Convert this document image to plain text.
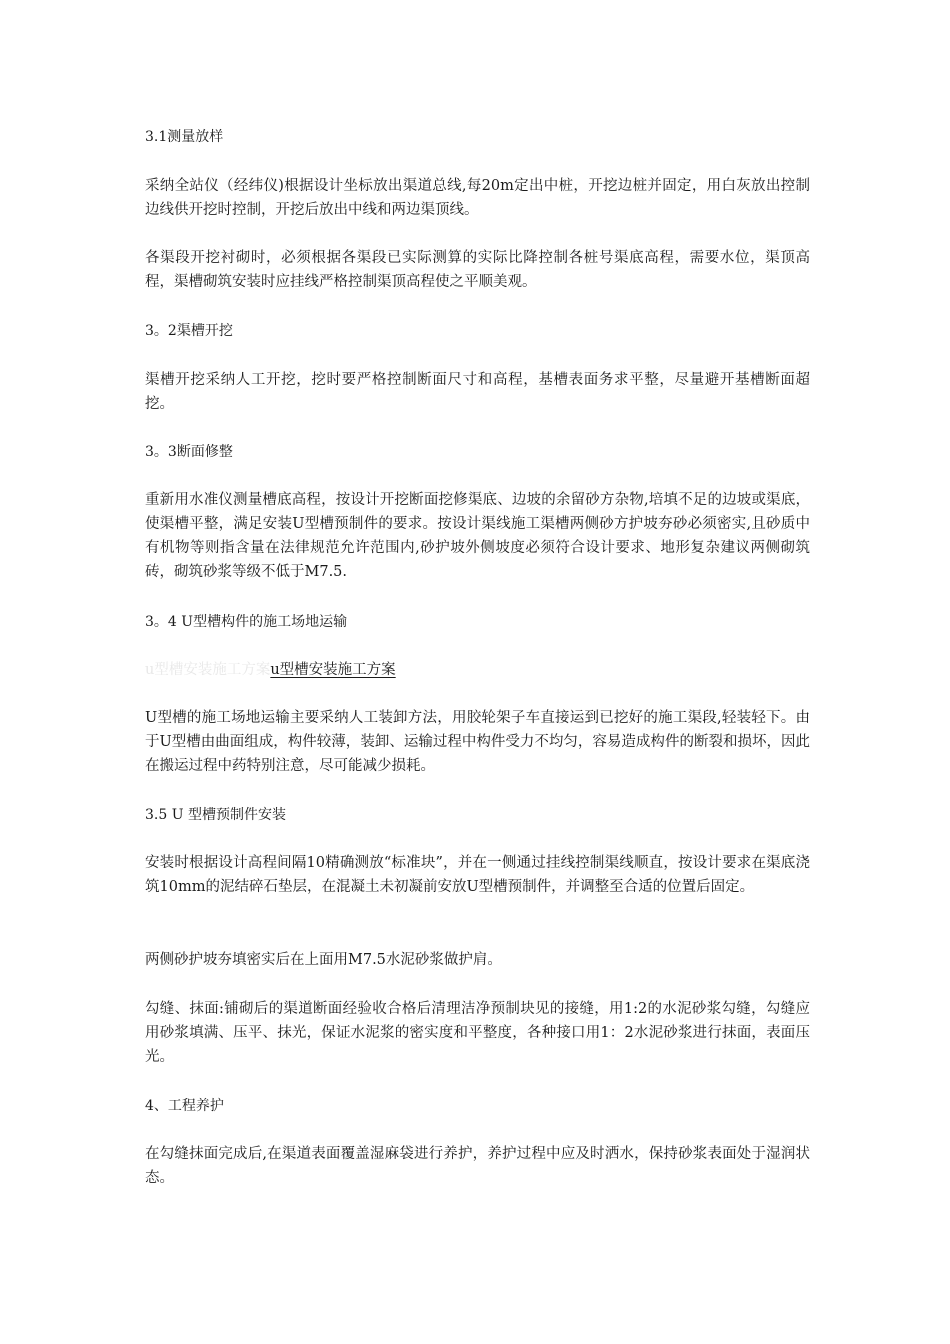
3.1测量放样

采纳全站仪（经纬仪)根据设计坐标放出渠道总线,每20m定出中桩，开挖边桩并固定，用白灰放出控制边线供开挖时控制，开挖后放出中线和两边渠顶线。

各渠段开挖衬砌时，必须根据各渠段已实际测算的实际比降控制各桩号渠底高程，需要水位，渠顶高程，渠槽砌筑安装时应挂线严格控制渠顶高程使之平顺美观。

3。2渠槽开挖

渠槽开挖采纳人工开挖，挖时要严格控制断面尺寸和高程，基槽表面务求平整，尽量避开基槽断面超挖。

3。3断面修整

重新用水准仪测量槽底高程，按设计开挖断面挖修渠底、边坡的余留砂方杂物,培填不足的边坡或渠底，使渠槽平整，满足安装U型槽预制件的要求。按设计渠线施工渠槽两侧砂方护坡夯砂必须密实,且砂质中有机物等则指含量在法律规范允许范围内,砂护坡外侧坡度必须符合设计要求、地形复杂建议两侧砌筑砖，砌筑砂浆等级不低于M7.5.

3。4 U型槽构件的施工场地运输

u型槽安装施工方案u型槽安装施工方案

U型槽的施工场地运输主要采纳人工装卸方法，用胶轮架子车直接运到已挖好的施工渠段,轻装轻下。由于U型槽由曲面组成，构件较薄，装卸、运输过程中构件受力不均匀，容易造成构件的断裂和损坏，因此在搬运过程中药特别注意，尽可能减少损耗。

3.5 U 型槽预制件安装

安装时根据设计高程间隔10精确测放“标准块”，并在一侧通过挂线控制渠线顺直，按设计要求在渠底浇筑10mm的泥结碎石垫层，在混凝土未初凝前安放U型槽预制件，并调整至合适的位置后固定。

两侧砂护坡夯填密实后在上面用M7.5水泥砂浆做护肩。

勾缝、抹面:铺砌后的渠道断面经验收合格后清理洁净预制块见的接缝，用1:2的水泥砂浆勾缝，勾缝应用砂浆填满、压平、抹光，保证水泥浆的密实度和平整度，各种接口用1：2水泥砂浆进行抹面，表面压光。

4、工程养护

在勾缝抹面完成后,在渠道表面覆盖湿麻袋进行养护，养护过程中应及时洒水，保持砂浆表面处于湿润状态。
